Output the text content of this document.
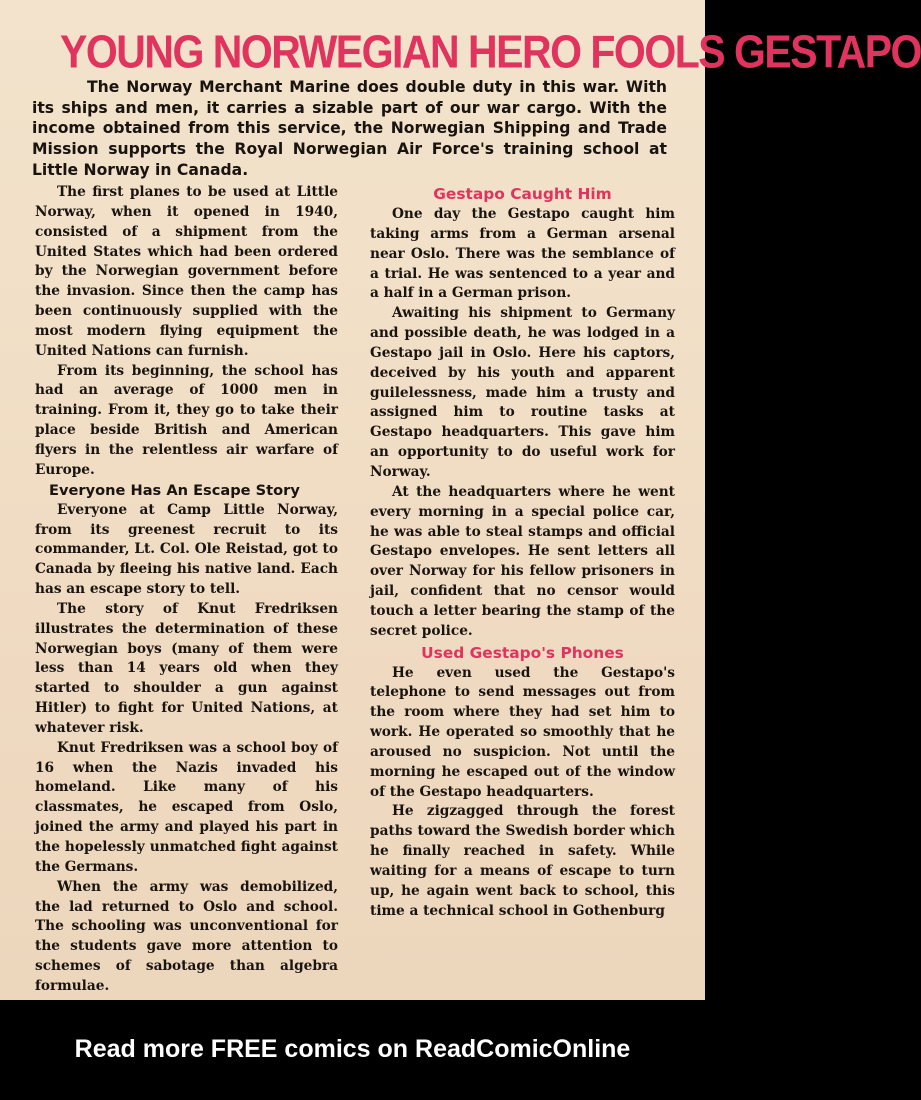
YOUNG NORWEGIAN HERO FOOLS GESTAPO
The Norway Merchant Marine does double duty in this war. With its ships and men, it carries a sizable part of our war cargo. With the income obtained from this service, the Norwegian Shipping and Trade Mission supports the Royal Norwegian Air Force's training school at Little Norway in Canada.

The first planes to be used at Little Norway, when it opened in 1940, consisted of a shipment from the United States which had been ordered by the Norwegian government before the invasion. Since then the camp has been continuously supplied with the most modern flying equipment the United Nations can furnish.

From its beginning, the school has had an average of 1000 men in training. From it, they go to take their place beside British and American flyers in the relentless air warfare of Europe.

Everyone Has An Escape Story

Everyone at Camp Little Norway, from its greenest recruit to its commander, Lt. Col. Ole Reistad, got to Canada by fleeing his native land. Each has an escape story to tell.

The story of Knut Fredriksen illustrates the determination of these Norwegian boys (many of them were less than 14 years old when they started to shoulder a gun against Hitler) to fight for United Nations, at whatever risk.

Knut Fredriksen was a school boy of 16 when the Nazis invaded his homeland. Like many of his classmates, he escaped from Oslo, joined the army and played his part in the hopelessly unmatched fight against the Germans.

When the army was demobilized, the lad returned to Oslo and school. The schooling was unconventional for the students gave more attention to schemes of sabotage than algebra formulae.

Gestapo Caught Him

One day the Gestapo caught him taking arms from a German arsenal near Oslo. There was the semblance of a trial. He was sentenced to a year and a half in a German prison.

Awaiting his shipment to Germany and possible death, he was lodged in a Gestapo jail in Oslo. Here his captors, deceived by his youth and apparent guilelessness, made him a trusty and assigned him to routine tasks at Gestapo headquarters. This gave him an opportunity to do useful work for Norway.

At the headquarters where he went every morning in a special police car, he was able to steal stamps and official Gestapo envelopes. He sent letters all over Norway for his fellow prisoners in jail, confident that no censor would touch a letter bearing the stamp of the secret police.

Used Gestapo's Phones

He even used the Gestapo's telephone to send messages out from the room where they had set him to work. He operated so smoothly that he aroused no suspicion. Not until the morning he escaped out of the window of the Gestapo headquarters.

He zigzagged through the forest paths toward the Swedish border which he finally reached in safety. While waiting for a means of escape to turn up, he again went back to school, this time a technical school in Gothenburg

Read more FREE comics on ReadComicOnline
